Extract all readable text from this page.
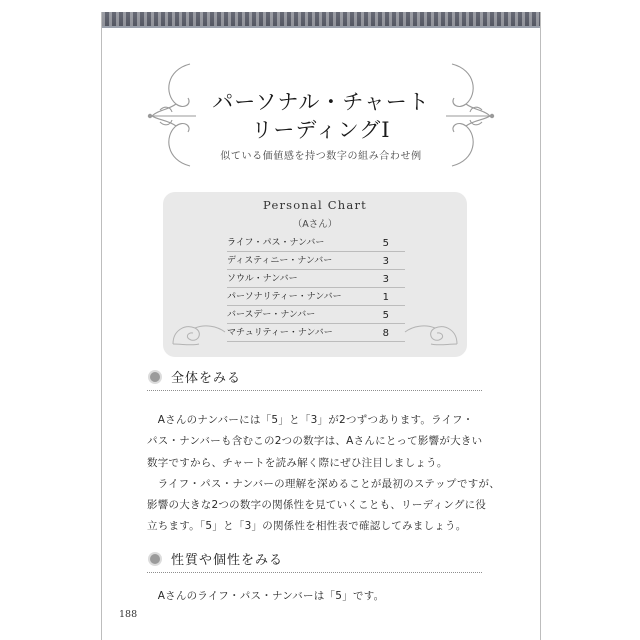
パーソナル・チャート
リーディングⅠ
似ている価値感を持つ数字の組み合わせ例
Personal Chart
（Aさん）
ライフ・パス・ナンバー	5
ディスティニー・ナンバー	3
ソウル・ナンバー	3
パーソナリティー・ナンバー	1
バースデー・ナンバー	5
マチュリティー・ナンバー	8
全体をみる
　Aさんのナンバーには「5」と「3」が2つずつあります。ライフ・
パス・ナンバーも含むこの2つの数字は、Aさんにとって影響が大きい
数字ですから、チャートを読み解く際にぜひ注目しましょう。
　ライフ・パス・ナンバーの理解を深めることが最初のステップですが、
影響の大きな2つの数字の関係性を見ていくことも、リーディングに役
立ちます。「5」と「3」の関係性を相性表で確認してみましょう。
性質や個性をみる
　Aさんのライフ・パス・ナンバーは「5」です。
188
